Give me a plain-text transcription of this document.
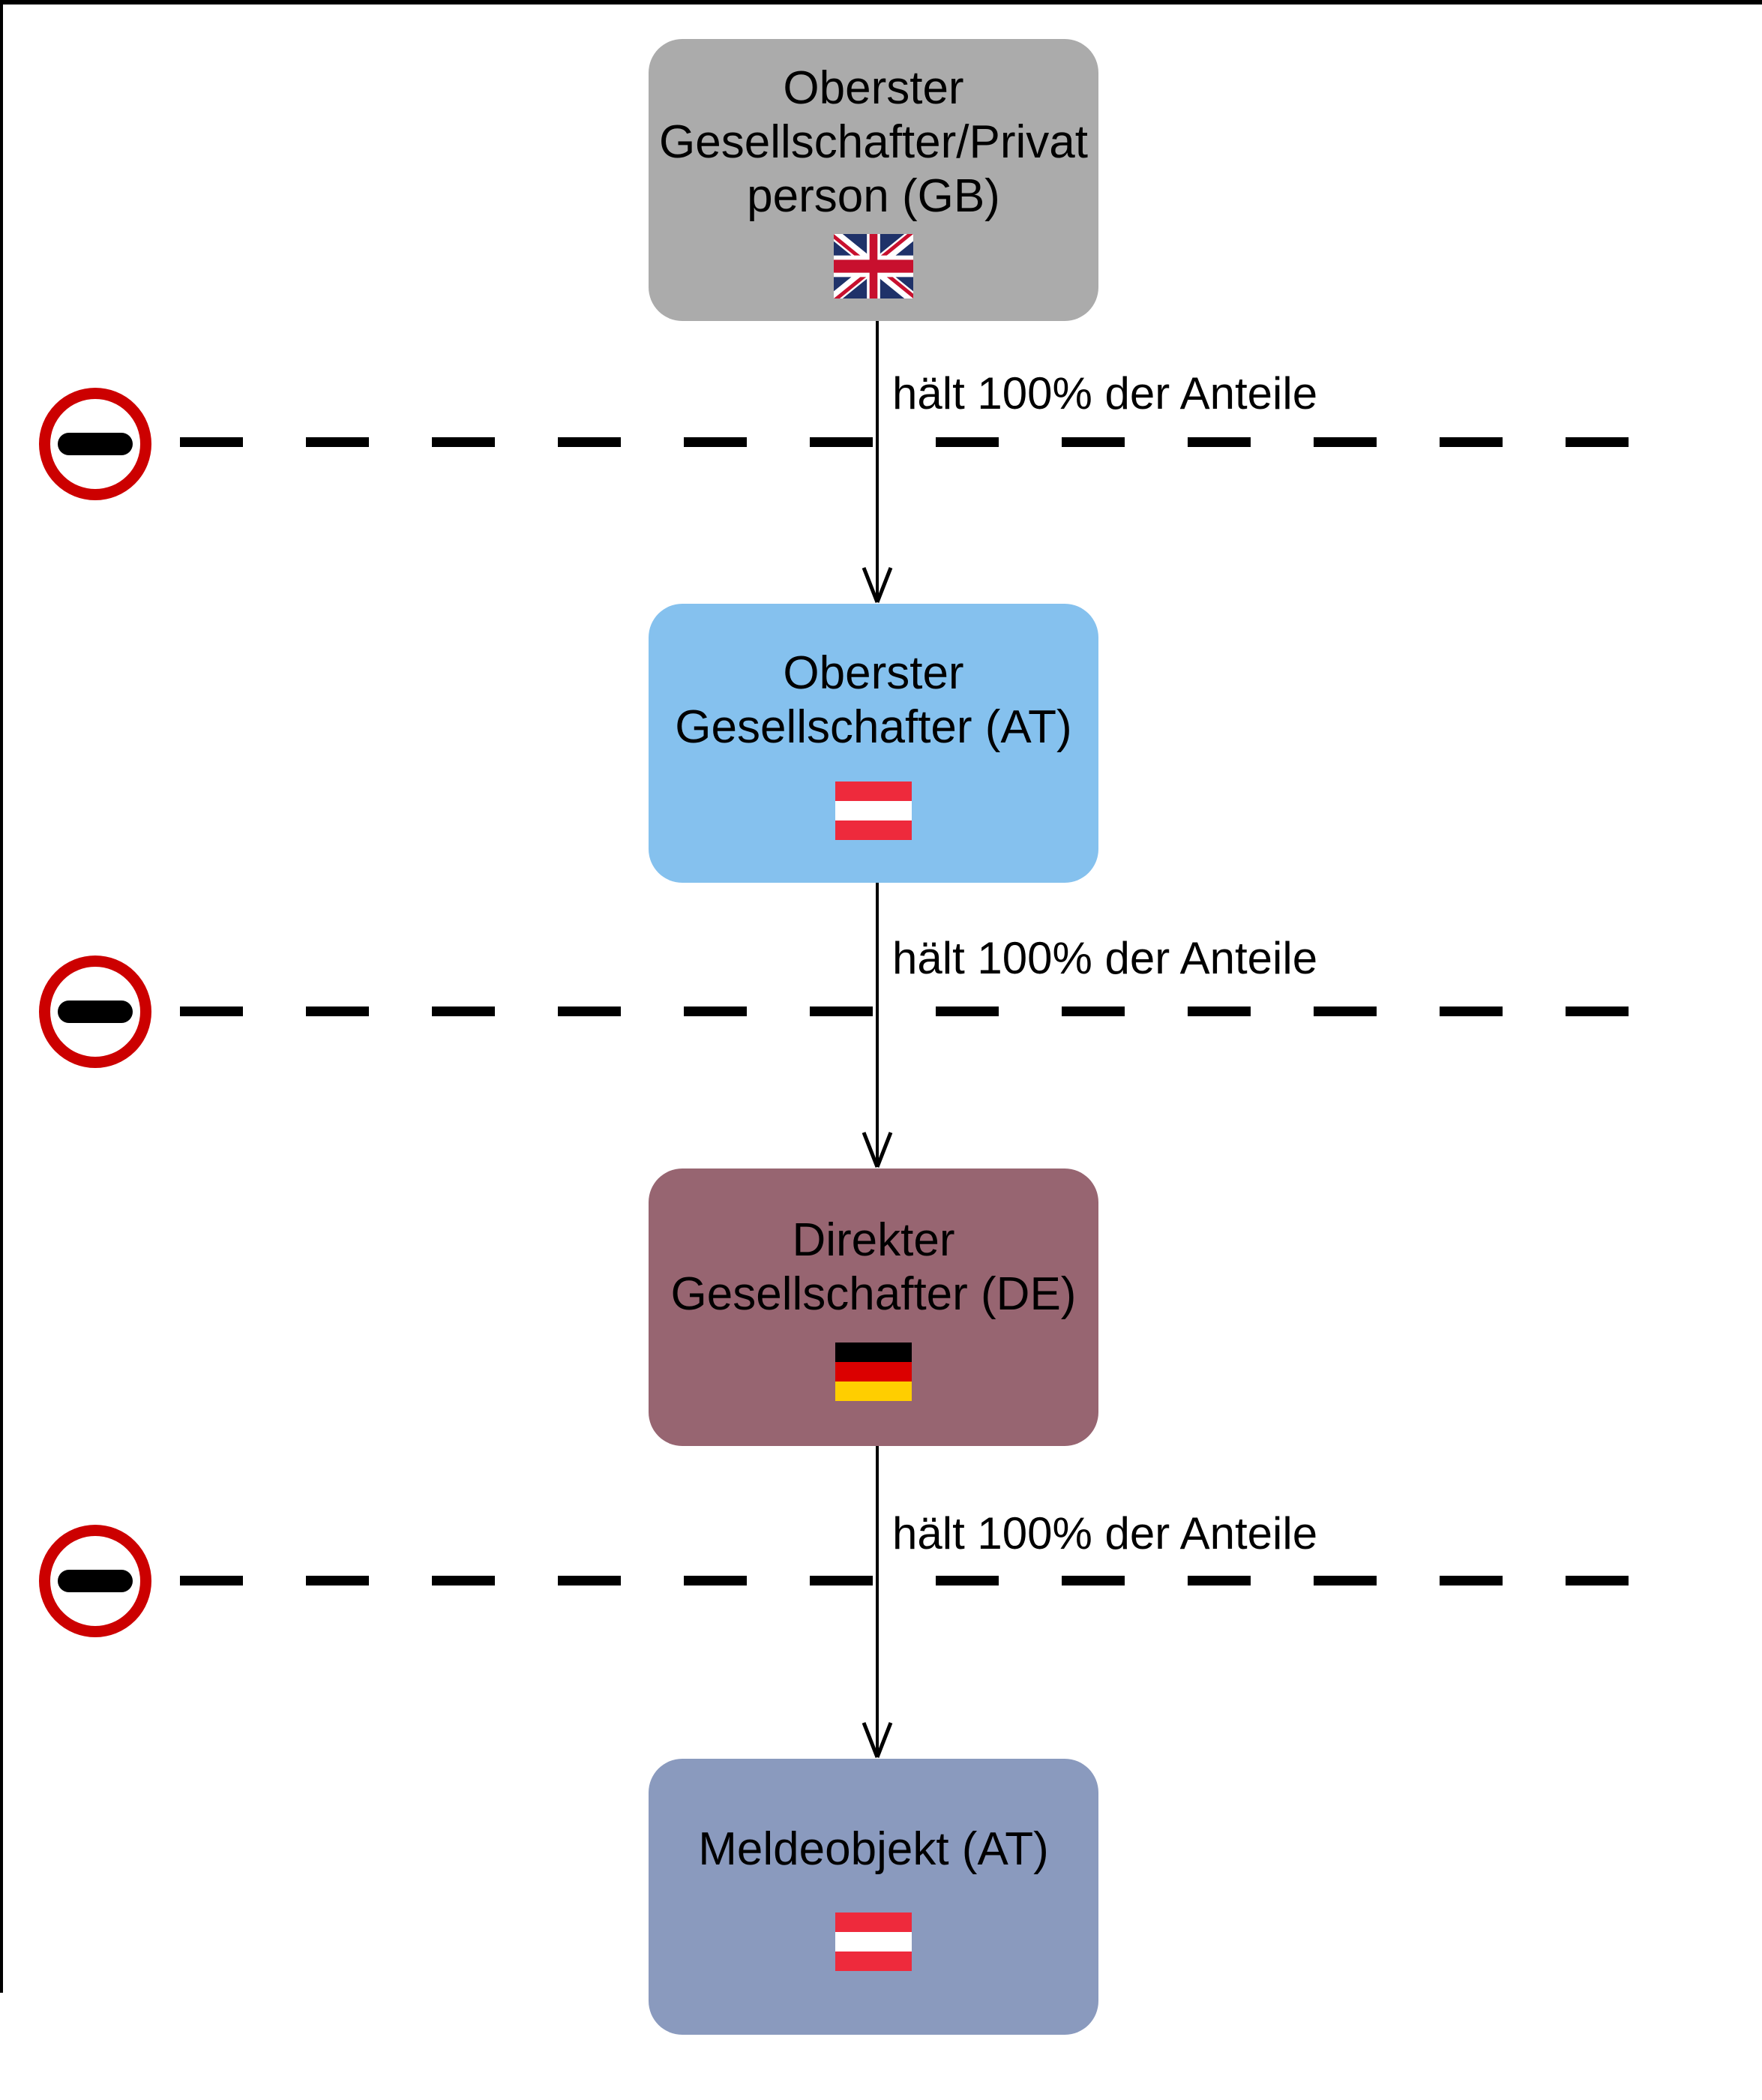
Oberster
Gesellschafter/Privat
person (GB)
hält 100% der Anteile
Oberster
Gesellschafter (AT)
hält 100% der Anteile
Direkter
Gesellschafter (DE)
hält 100% der Anteile
Meldeobjekt (AT)
